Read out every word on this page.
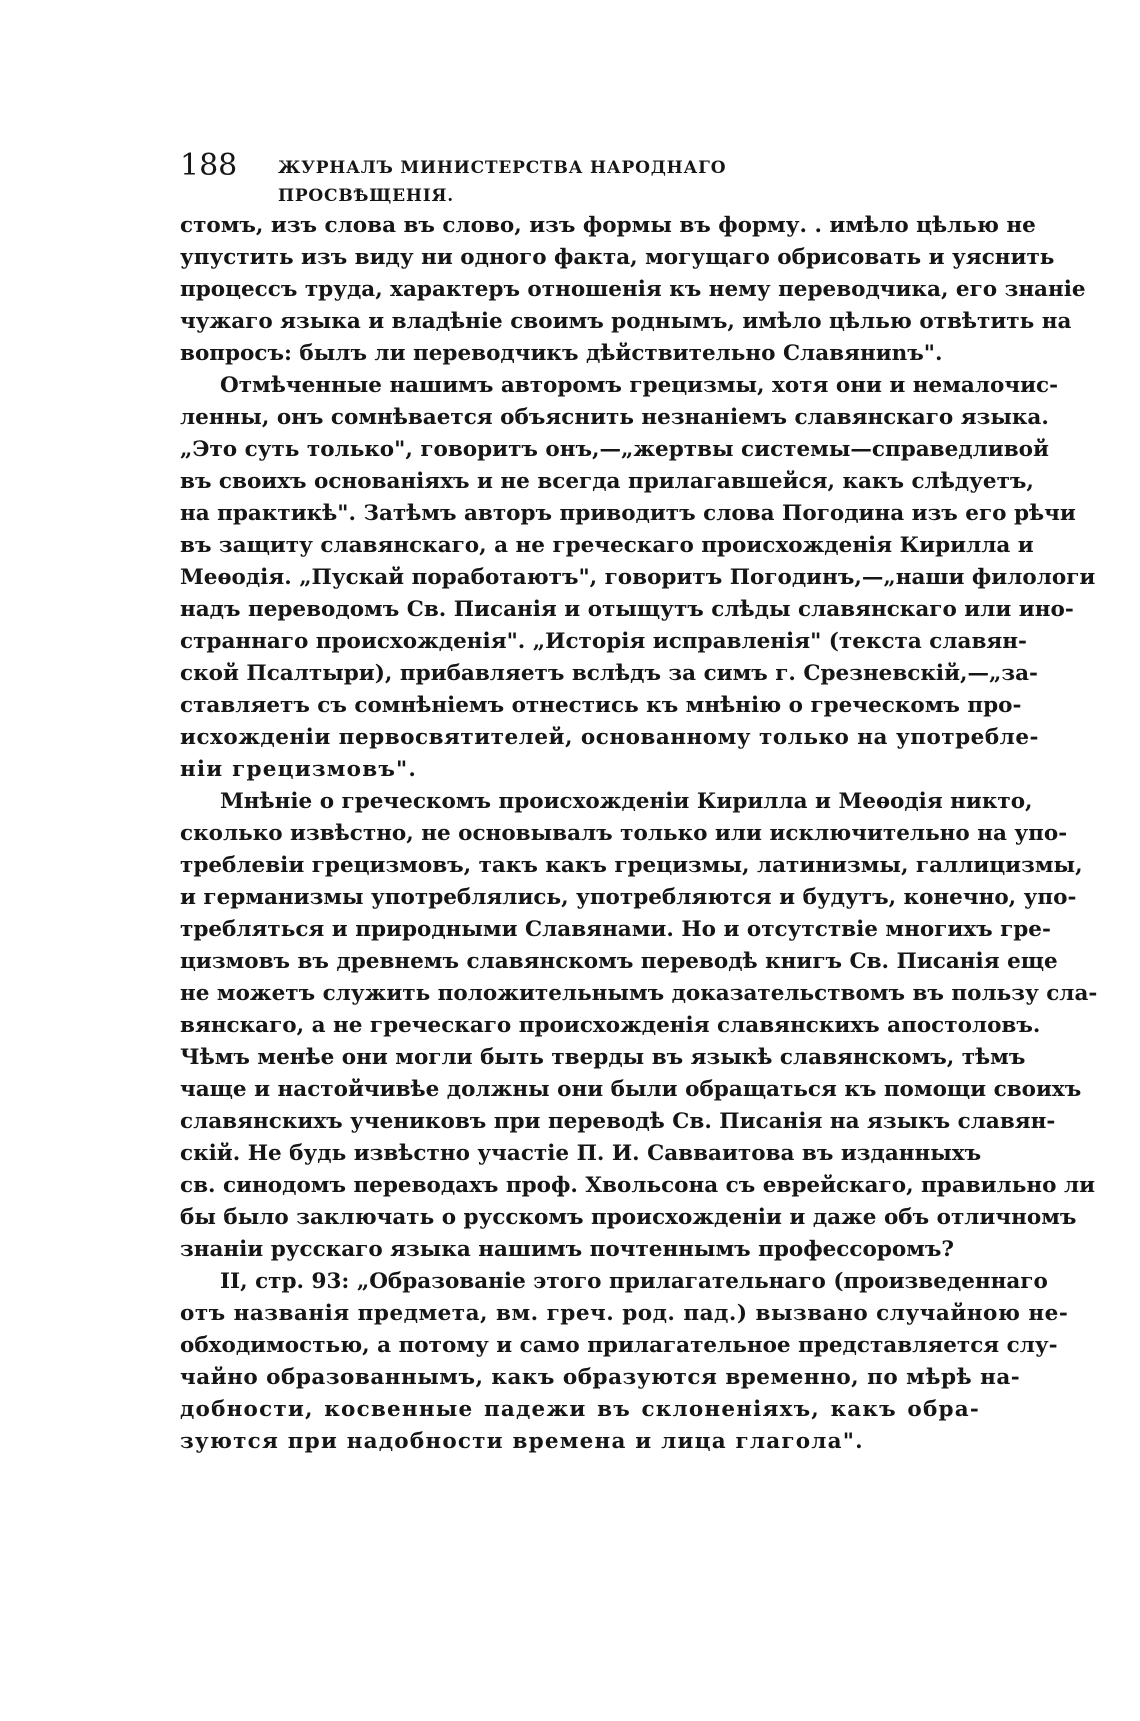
188 ЖУРНАЛЪ МИНИСТЕРСТВА НАРОДНАГО ПРОСВѢЩЕНІЯ.
стомъ, изъ слова въ слово, изъ формы въ форму. . имѣло цѣлью не
упустить изъ виду ни одного факта, могущаго обрисовать и уяснить
процессъ труда, характеръ отношенія къ нему переводчика, его знаніе
чужаго языка и владѣніе своимъ роднымъ, имѣло цѣлью отвѣтить на
вопросъ: былъ ли переводчикъ дѣйствительно Славяниnъ".
Отмѣченные нашимъ авторомъ грецизмы, хотя они и немалочис-
ленны, онъ сомнѣвается объяснить незнаніемъ славянскаго языка.
„Это суть только", говоритъ онъ,—„жертвы системы—справедливой
въ своихъ основаніяхъ и не всегда прилагавшейся, какъ слѣдуетъ,
на практикѣ". Затѣмъ авторъ приводитъ слова Погодина изъ его рѣчи
въ защиту славянскаго, а не греческаго происхожденія Кирилла и
Меѳодія. „Пускай поработаютъ", говоритъ Погодинъ,—„наши филологи
надъ переводомъ Св. Писанія и отыщутъ слѣды славянскаго или ино-
страннаго происхожденія". „Исторія исправленія" (текста славян-
ской Псалтыри), прибавляетъ вслѣдъ за симъ г. Срезневскій,—„за-
ставляетъ съ сомнѣніемъ отнестись къ мнѣнію о греческомъ про-
исхожденіи первосвятителей, основанному только на употребле-
ніи грецизмовъ".
Мнѣніе о греческомъ происхожденіи Кирилла и Меѳодія никто,
сколько извѣстно, не основывалъ только или исключительно на упо-
треблевіи грецизмовъ, такъ какъ грецизмы, латинизмы, галлицизмы,
и германизмы употреблялись, употребляются и будутъ, конечно, упо-
требляться и природными Славянами. Но и отсутствіе многихъ гре-
цизмовъ въ древнемъ славянскомъ переводѣ книгъ Св. Писанія еще
не можетъ служить положительнымъ доказательствомъ въ пользу сла-
вянскаго, а не греческаго происхожденія славянскихъ апостоловъ.
Чѣмъ менѣе они могли быть тверды въ языкѣ славянскомъ, тѣмъ
чаще и настойчивѣе должны они были обращаться къ помощи своихъ
славянскихъ учениковъ при переводѣ Св. Писанія на языкъ славян-
скій. Не будь извѣстно участіе П. И. Савваитова въ изданныхъ
св. синодомъ переводахъ проф. Хвольсона съ еврейскаго, правильно ли
бы было заключать о русскомъ происхожденіи и даже объ отличномъ
знаніи русскаго языка нашимъ почтеннымъ профессоромъ?
II, стр. 93: „Образованіе этого прилагательнаго (произведеннаго
отъ названія предмета, вм. греч. род. пад.) вызвано случайною не-
обходимостью, а потому и само прилагательное представляется слу-
чайно образованнымъ, какъ образуются временно, по мѣрѣ на-
добности, косвенные падежи въ склоненіяхъ, какъ обра-
зуются при надобности времена и лица глагола".
